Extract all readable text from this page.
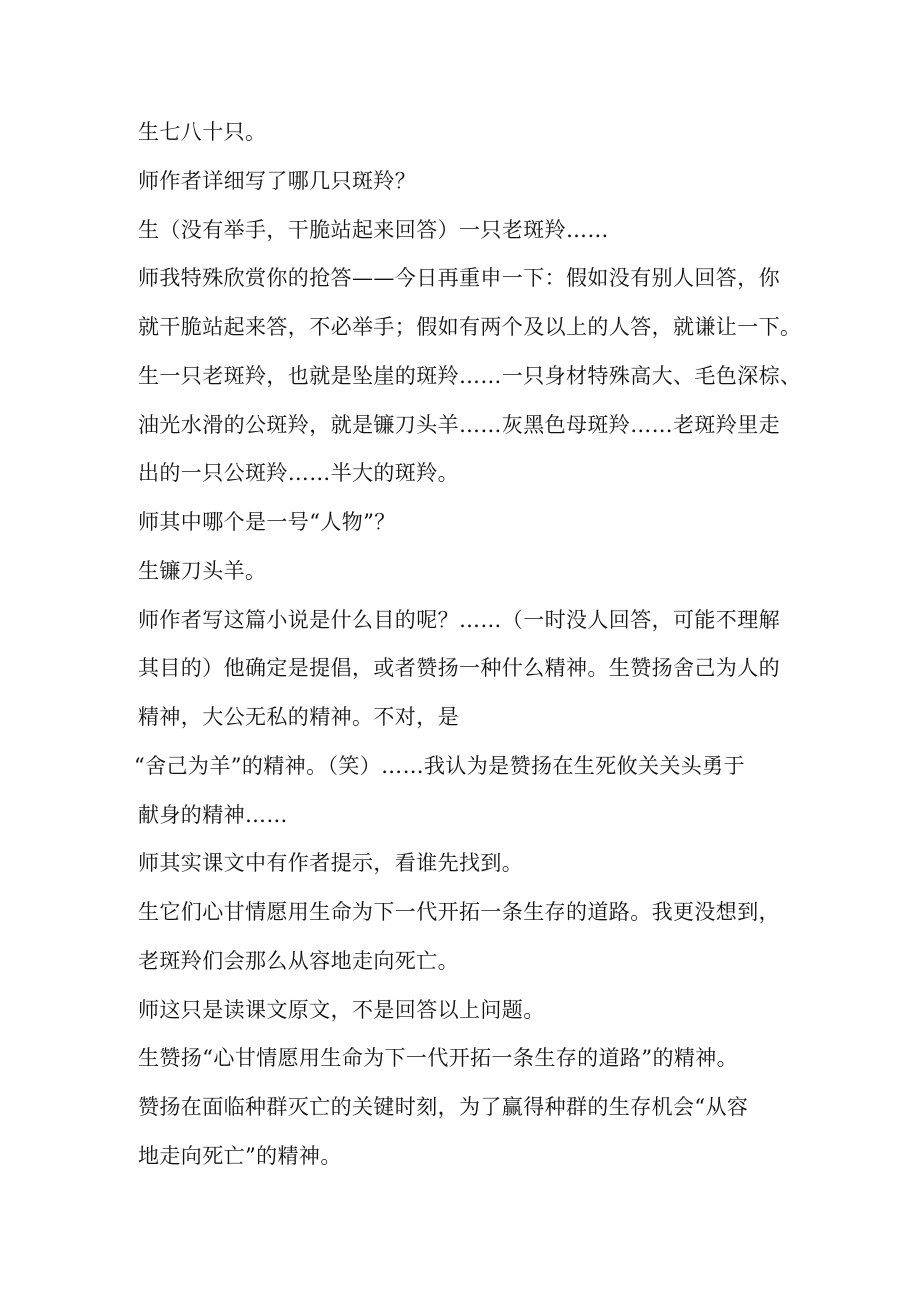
生七八十只。
师作者详细写了哪几只斑羚？
生（没有举手，干脆站起来回答）一只老斑羚……
师我特殊欣赏你的抢答——今日再重申一下：假如没有别人回答，你
就干脆站起来答，不必举手；假如有两个及以上的人答，就谦让一下。
生一只老斑羚，也就是坠崖的斑羚……一只身材特殊高大、毛色深棕、
油光水滑的公斑羚，就是镰刀头羊……灰黑色母斑羚……老斑羚里走
出的一只公斑羚……半大的斑羚。
师其中哪个是一号“人物”？
生镰刀头羊。
师作者写这篇小说是什么目的呢？……（一时没人回答，可能不理解
其目的）他确定是提倡，或者赞扬一种什么精神。生赞扬舍己为人的
精神，大公无私的精神。不对，是
“舍己为羊”的精神。（笑）……我认为是赞扬在生死攸关关头勇于
献身的精神……
师其实课文中有作者提示，看谁先找到。
生它们心甘情愿用生命为下一代开拓一条生存的道路。我更没想到，
老斑羚们会那么从容地走向死亡。
师这只是读课文原文，不是回答以上问题。
生赞扬“心甘情愿用生命为下一代开拓一条生存的道路”的精神。
赞扬在面临种群灭亡的关键时刻，为了赢得种群的生存机会“从容
地走向死亡”的精神。
